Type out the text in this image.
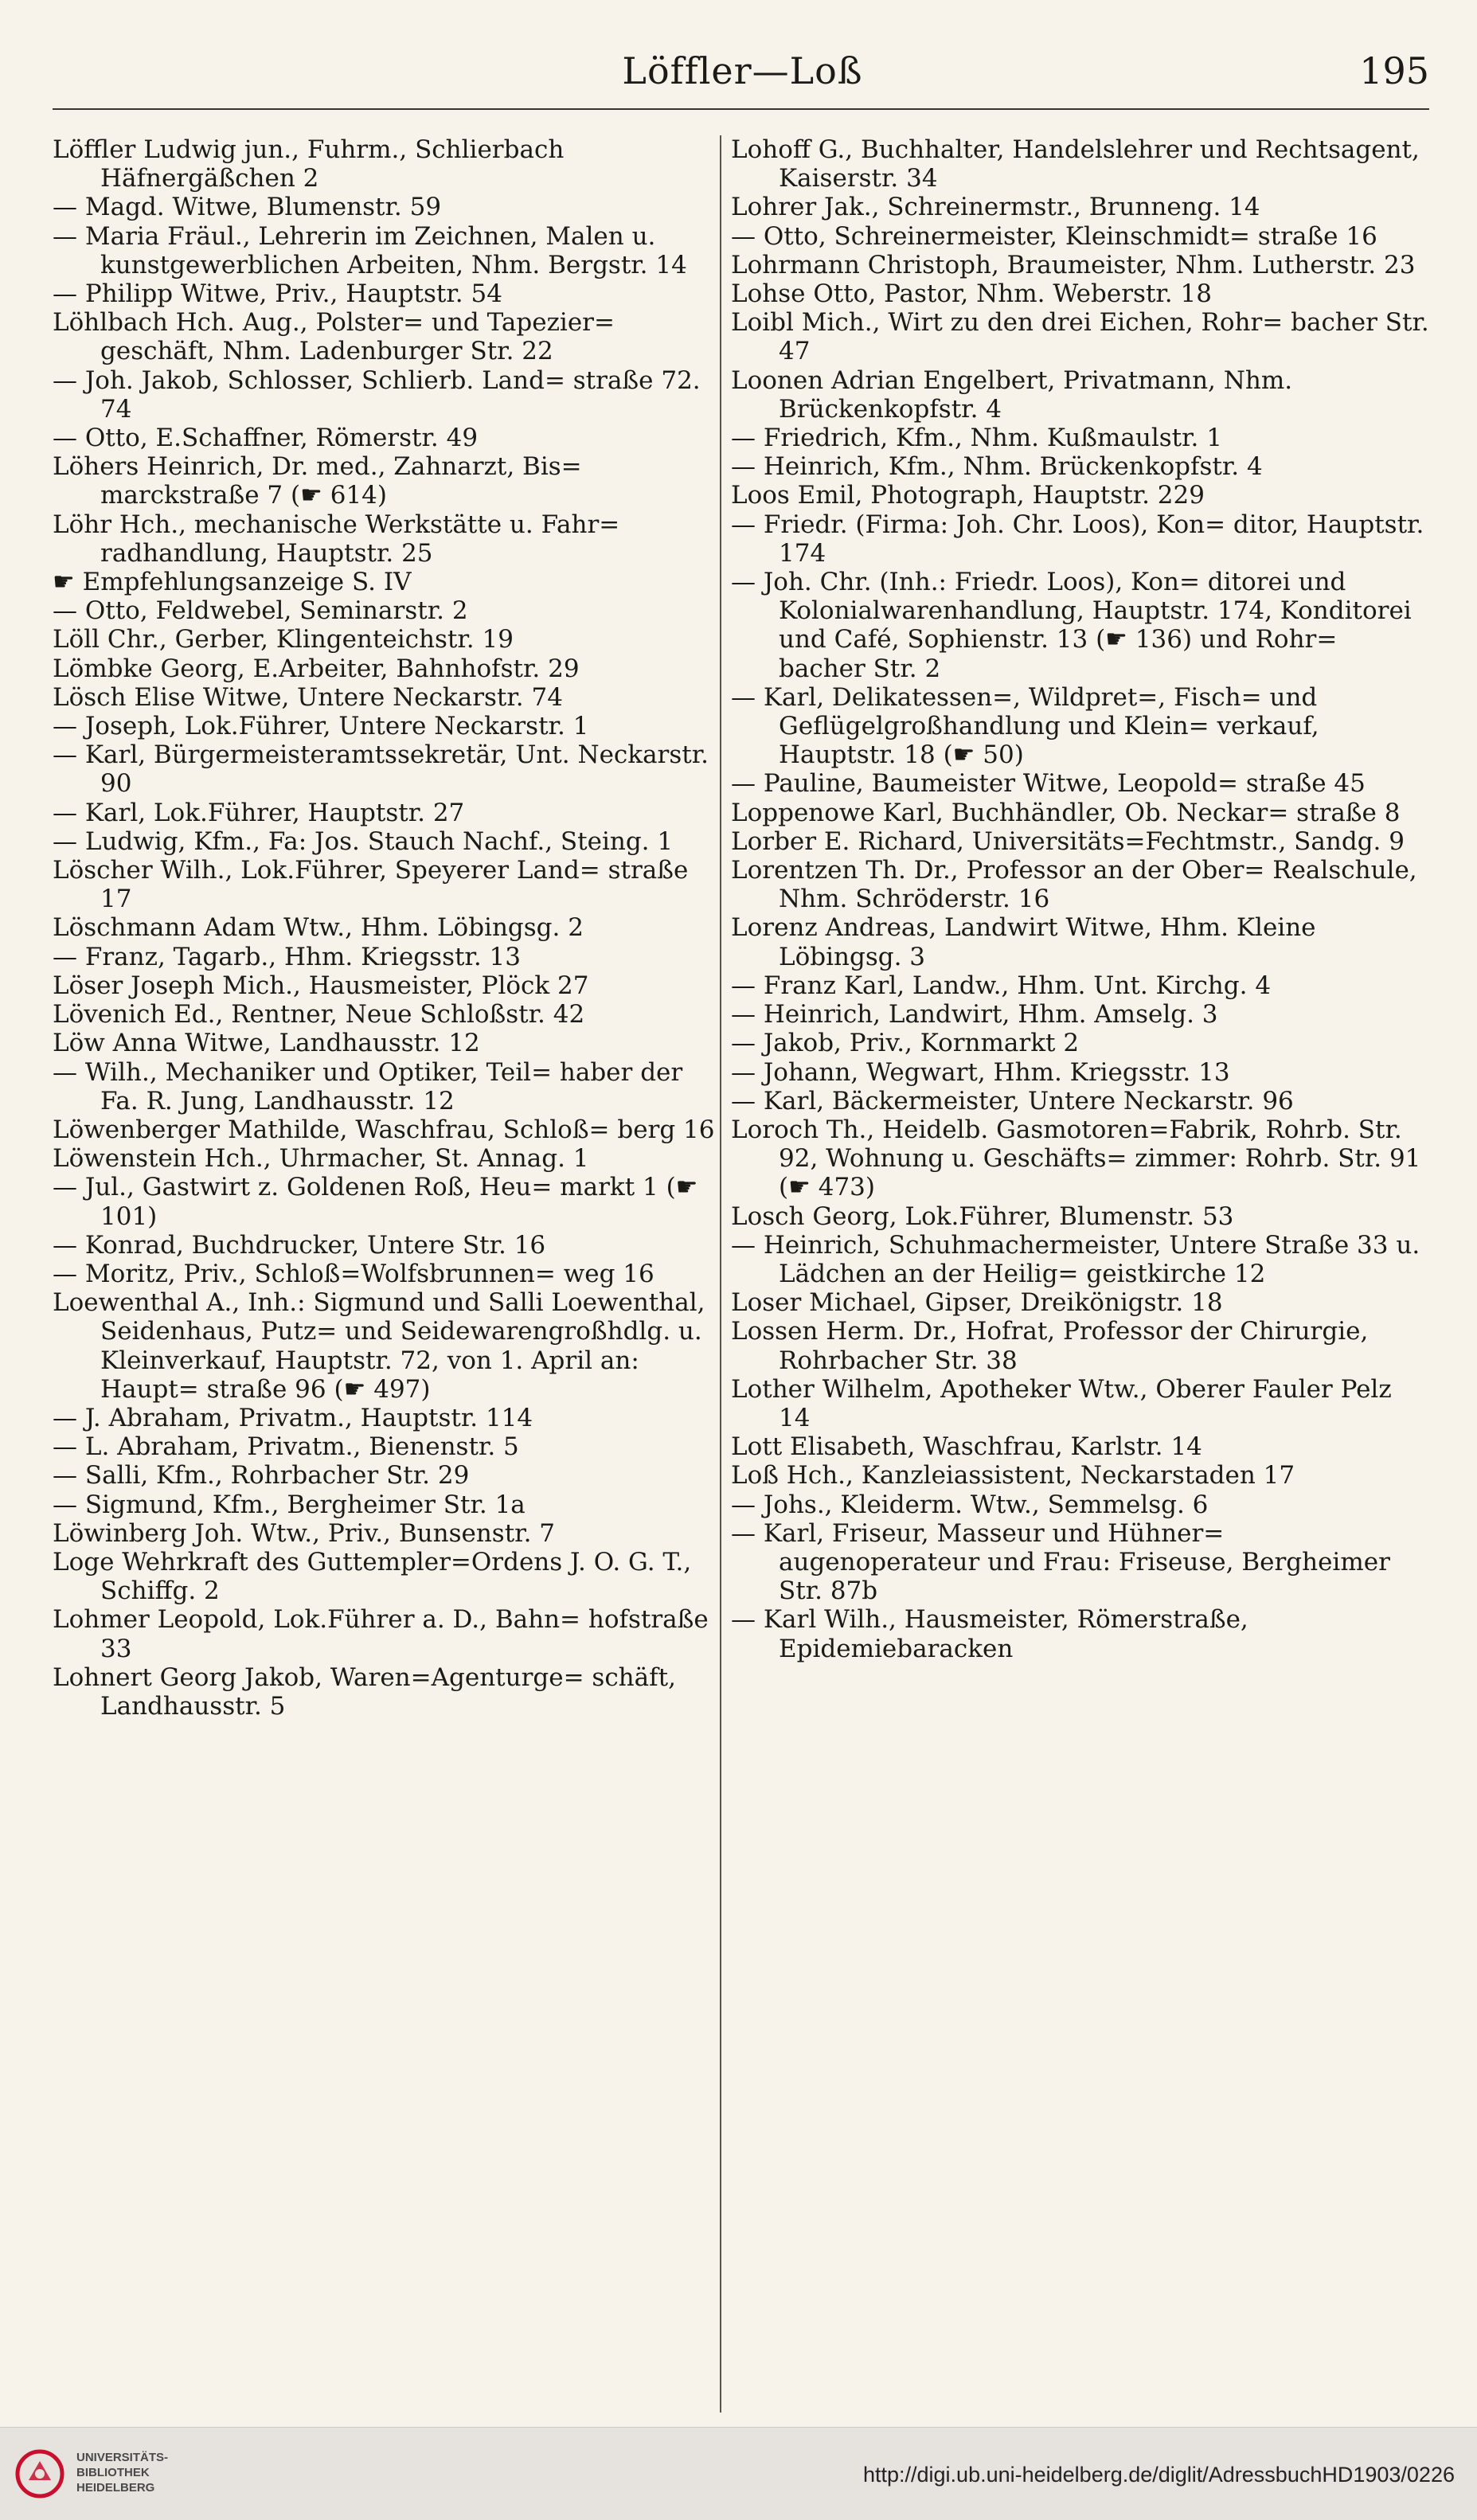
Löffler—Loß	195

Löffler Ludwig jun., Fuhrm., Schlierbach Häfnergäßchen 2

— Magd. Witwe, Blumenstr. 59

— Maria Fräul., Lehrerin im Zeichnen, Malen u. kunstgewerblichen Arbeiten, Nhm. Bergstr. 14

— Philipp Witwe, Priv., Hauptstr. 54

Löhlbach Hch. Aug., Polster= und Tapezier= geschäft, Nhm. Ladenburger Str. 22

— Joh. Jakob, Schlosser, Schlierb. Land= straße 72. 74

— Otto, E.Schaffner, Römerstr. 49

Löhers Heinrich, Dr. med., Zahnarzt, Bis= marckstraße 7 (☛ 614)

Löhr Hch., mechanische Werkstätte u. Fahr= radhandlung, Hauptstr. 25

☛ Empfehlungsanzeige S. IV

— Otto, Feldwebel, Seminarstr. 2

Löll Chr., Gerber, Klingenteichstr. 19

Lömbke Georg, E.Arbeiter, Bahnhofstr. 29

Lösch Elise Witwe, Untere Neckarstr. 74

— Joseph, Lok.Führer, Untere Neckarstr. 1

— Karl, Bürgermeisteramtssekretär, Unt. Neckarstr. 90

— Karl, Lok.Führer, Hauptstr. 27

— Ludwig, Kfm., Fa: Jos. Stauch Nachf., Steing. 1

Löscher Wilh., Lok.Führer, Speyerer Land= straße 17

Löschmann Adam Wtw., Hhm. Löbingsg. 2

— Franz, Tagarb., Hhm. Kriegsstr. 13

Löser Joseph Mich., Hausmeister, Plöck 27

Lövenich Ed., Rentner, Neue Schloßstr. 42

Löw Anna Witwe, Landhausstr. 12

— Wilh., Mechaniker und Optiker, Teil= haber der Fa. R. Jung, Landhausstr. 12

Löwenberger Mathilde, Waschfrau, Schloß= berg 16

Löwenstein Hch., Uhrmacher, St. Annag. 1

— Jul., Gastwirt z. Goldenen Roß, Heu= markt 1 (☛ 101)

— Konrad, Buchdrucker, Untere Str. 16

— Moritz, Priv., Schloß=Wolfsbrunnen= weg 16

Loewenthal A., Inh.: Sigmund und Salli Loewenthal, Seidenhaus, Putz= und Seidewarengroßhdlg. u. Kleinverkauf, Hauptstr. 72, von 1. April an: Haupt= straße 96 (☛ 497)

— J. Abraham, Privatm., Hauptstr. 114

— L. Abraham, Privatm., Bienenstr. 5

— Salli, Kfm., Rohrbacher Str. 29

— Sigmund, Kfm., Bergheimer Str. 1a

Löwinberg Joh. Wtw., Priv., Bunsenstr. 7

Loge Wehrkraft des Guttempler=Ordens J. O. G. T., Schiffg. 2

Lohmer Leopold, Lok.Führer a. D., Bahn= hofstraße 33

Lohnert Georg Jakob, Waren=Agenturge= schäft, Landhausstr. 5

Lohoff G., Buchhalter, Handelslehrer und Rechtsagent, Kaiserstr. 34

Lohrer Jak., Schreinermstr., Brunneng. 14

— Otto, Schreinermeister, Kleinschmidt= straße 16

Lohrmann Christoph, Braumeister, Nhm. Lutherstr. 23

Lohse Otto, Pastor, Nhm. Weberstr. 18

Loibl Mich., Wirt zu den drei Eichen, Rohr= bacher Str. 47

Loonen Adrian Engelbert, Privatmann, Nhm. Brückenkopfstr. 4

— Friedrich, Kfm., Nhm. Kußmaulstr. 1

— Heinrich, Kfm., Nhm. Brückenkopfstr. 4

Loos Emil, Photograph, Hauptstr. 229

— Friedr. (Firma: Joh. Chr. Loos), Kon= ditor, Hauptstr. 174

— Joh. Chr. (Inh.: Friedr. Loos), Kon= ditorei und Kolonialwarenhandlung, Hauptstr. 174, Konditorei und Café, Sophienstr. 13 (☛ 136) und Rohr= bacher Str. 2

— Karl, Delikatessen=, Wildpret=, Fisch= und Geflügelgroßhandlung und Klein= verkauf, Hauptstr. 18 (☛ 50)

— Pauline, Baumeister Witwe, Leopold= straße 45

Loppenowe Karl, Buchhändler, Ob. Neckar= straße 8

Lorber E. Richard, Universitäts=Fechtmstr., Sandg. 9

Lorentzen Th. Dr., Professor an der Ober= Realschule, Nhm. Schröderstr. 16

Lorenz Andreas, Landwirt Witwe, Hhm. Kleine Löbingsg. 3

— Franz Karl, Landw., Hhm. Unt. Kirchg. 4

— Heinrich, Landwirt, Hhm. Amselg. 3

— Jakob, Priv., Kornmarkt 2

— Johann, Wegwart, Hhm. Kriegsstr. 13

— Karl, Bäckermeister, Untere Neckarstr. 96

Loroch Th., Heidelb. Gasmotoren=Fabrik, Rohrb. Str. 92, Wohnung u. Geschäfts= zimmer: Rohrb. Str. 91 (☛ 473)

Losch Georg, Lok.Führer, Blumenstr. 53

— Heinrich, Schuhmachermeister, Untere Straße 33 u. Lädchen an der Heilig= geistkirche 12

Loser Michael, Gipser, Dreikönigstr. 18

Lossen Herm. Dr., Hofrat, Professor der Chirurgie, Rohrbacher Str. 38

Lother Wilhelm, Apotheker Wtw., Oberer Fauler Pelz 14

Lott Elisabeth, Waschfrau, Karlstr. 14

Loß Hch., Kanzleiassistent, Neckarstaden 17

— Johs., Kleiderm. Wtw., Semmelsg. 6

— Karl, Friseur, Masseur und Hühner= augenoperateur und Frau: Friseuse, Bergheimer Str. 87b

— Karl Wilh., Hausmeister, Römerstraße, Epidemiebaracken

UNIVERSITÄTS-
BIBLIOTHEK
HEIDELBERG
http://digi.ub.uni-heidelberg.de/diglit/AdressbuchHD1903/0226
